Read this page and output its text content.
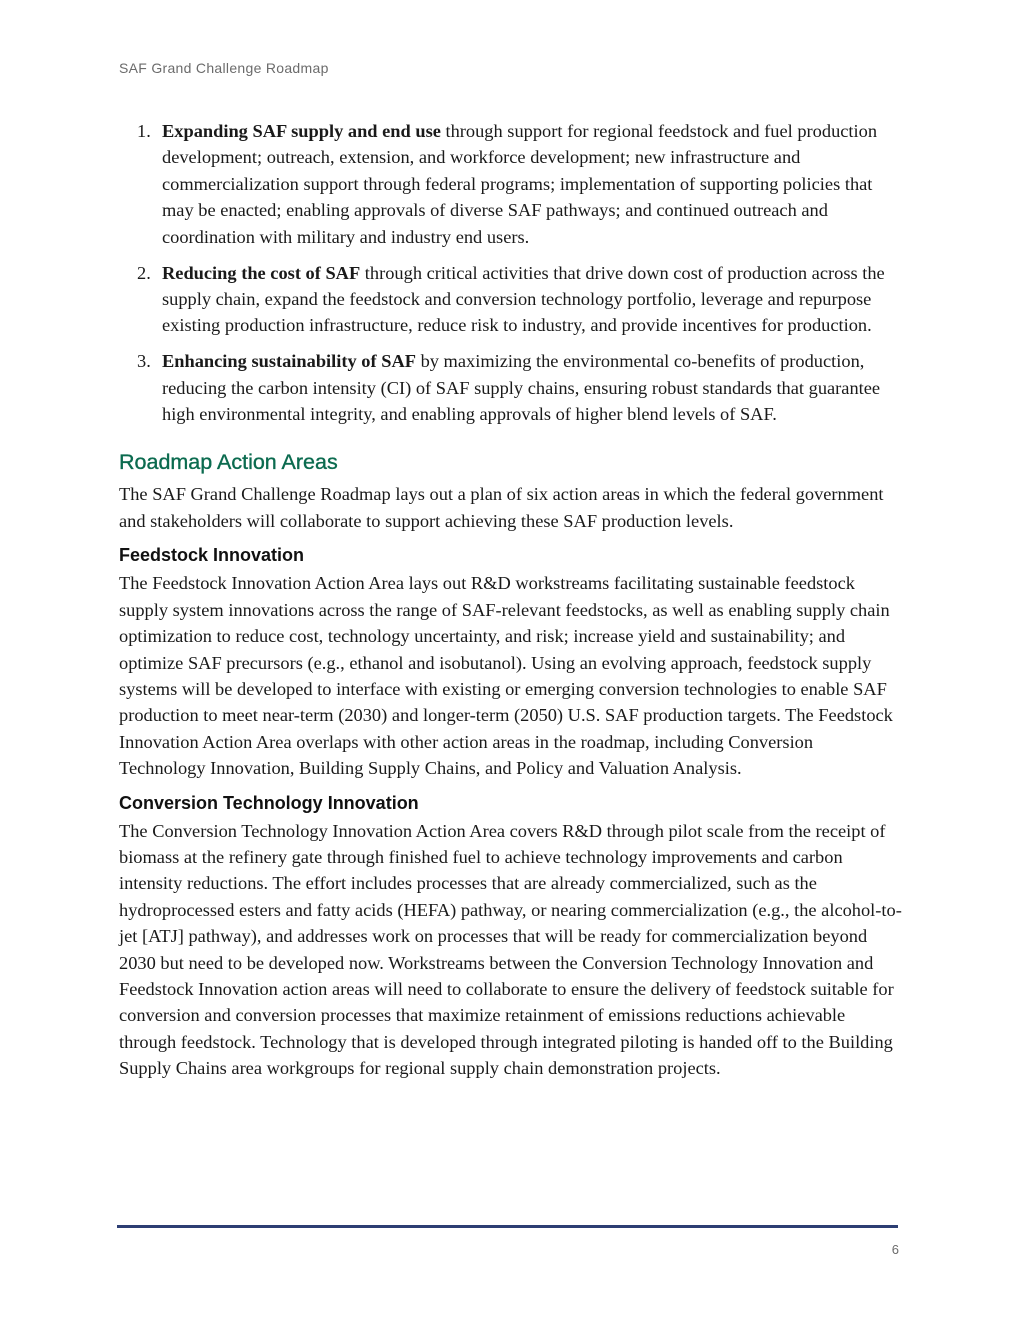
SAF Grand Challenge Roadmap
1. Expanding SAF supply and end use through support for regional feedstock and fuel production development; outreach, extension, and workforce development; new infrastructure and commercialization support through federal programs; implementation of supporting policies that may be enacted; enabling approvals of diverse SAF pathways; and continued outreach and coordination with military and industry end users.
2. Reducing the cost of SAF through critical activities that drive down cost of production across the supply chain, expand the feedstock and conversion technology portfolio, leverage and repurpose existing production infrastructure, reduce risk to industry, and provide incentives for production.
3. Enhancing sustainability of SAF by maximizing the environmental co-benefits of production, reducing the carbon intensity (CI) of SAF supply chains, ensuring robust standards that guarantee high environmental integrity, and enabling approvals of higher blend levels of SAF.
Roadmap Action Areas

The SAF Grand Challenge Roadmap lays out a plan of six action areas in which the federal government and stakeholders will collaborate to support achieving these SAF production levels.

Feedstock Innovation

The Feedstock Innovation Action Area lays out R&D workstreams facilitating sustainable feedstock supply system innovations across the range of SAF-relevant feedstocks, as well as enabling supply chain optimization to reduce cost, technology uncertainty, and risk; increase yield and sustainability; and optimize SAF precursors (e.g., ethanol and isobutanol). Using an evolving approach, feedstock supply systems will be developed to interface with existing or emerging conversion technologies to enable SAF production to meet near-term (2030) and longer-term (2050) U.S. SAF production targets. The Feedstock Innovation Action Area overlaps with other action areas in the roadmap, including Conversion Technology Innovation, Building Supply Chains, and Policy and Valuation Analysis.

Conversion Technology Innovation

The Conversion Technology Innovation Action Area covers R&D through pilot scale from the receipt of biomass at the refinery gate through finished fuel to achieve technology improvements and carbon intensity reductions. The effort includes processes that are already commercialized, such as the hydroprocessed esters and fatty acids (HEFA) pathway, or nearing commercialization (e.g., the alcohol-to-jet [ATJ] pathway), and addresses work on processes that will be ready for commercialization beyond 2030 but need to be developed now. Workstreams between the Conversion Technology Innovation and Feedstock Innovation action areas will need to collaborate to ensure the delivery of feedstock suitable for conversion and conversion processes that maximize retainment of emissions reductions achievable through feedstock. Technology that is developed through integrated piloting is handed off to the Building Supply Chains area workgroups for regional supply chain demonstration projects.

6
